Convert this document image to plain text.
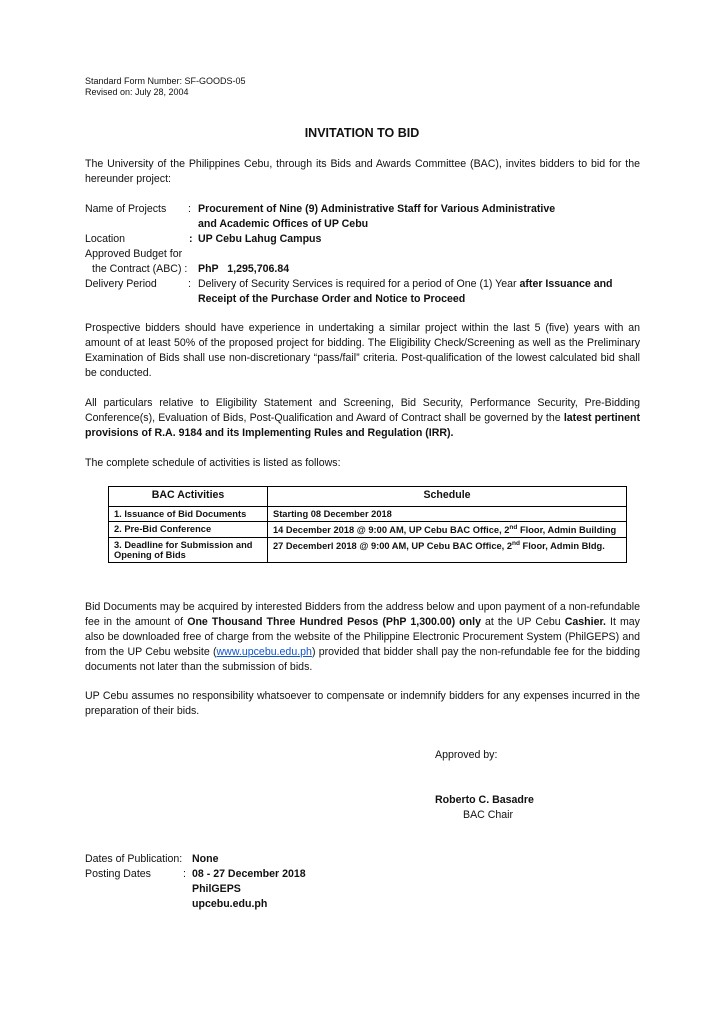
Standard Form Number: SF-GOODS-05
Revised on: July 28, 2004
INVITATION TO BID
The University of the Philippines Cebu, through its Bids and Awards Committee (BAC), invites bidders to bid for the hereunder project:
Name of Projects : Procurement of Nine (9) Administrative Staff for Various Administrative
and Academic Offices of UP Cebu
Location	: UP Cebu Lahug Campus
Approved Budget for
the Contract (ABC) : PhP   1,295,706.84
Delivery Period	: Delivery of Security Services is required for a period of One (1) Year after Issuance and
Receipt of the Purchase Order and Notice to Proceed
Prospective bidders should have experience in undertaking a similar project within the last 5 (five) years with an amount of at least 50% of the proposed project for bidding. The Eligibility Check/Screening as well as the Preliminary Examination of Bids shall use non-discretionary “pass/fail” criteria. Post-qualification of the lowest calculated bid shall be conducted.
All particulars relative to Eligibility Statement and Screening, Bid Security, Performance Security, Pre-Bidding Conference(s), Evaluation of Bids, Post-Qualification and Award of Contract shall be governed by the latest pertinent provisions of R.A. 9184 and its Implementing Rules and Regulation (IRR).
The complete schedule of activities is listed as follows:
BAC Activities	Schedule
1. Issuance of Bid Documents	Starting 08 December 2018
2. Pre-Bid Conference	14 December 2018 @ 9:00 AM, UP Cebu BAC Office, 2nd Floor, Admin Building
3. Deadline for Submission and Opening of Bids	27 Decemberl 2018 @ 9:00 AM, UP Cebu BAC Office, 2nd Floor, Admin Bldg.
Bid Documents may be acquired by interested Bidders from the address below and upon payment of a non-refundable fee in the amount of One Thousand Three Hundred Pesos (PhP 1,300.00) only at the UP Cebu Cashier. It may also be downloaded free of charge from the website of the Philippine Electronic Procurement System (PhilGEPS) and from the UP Cebu website (www.upcebu.edu.ph) provided that bidder shall pay the non-refundable fee for the bidding documents not later than the submission of bids.
UP Cebu assumes no responsibility whatsoever to compensate or indemnify bidders for any expenses incurred in the preparation of their bids.
Approved by:
Roberto C. Basadre
BAC Chair
Dates of Publication: None
Posting Dates	: 08 - 27 December 2018
PhilGEPS
upcebu.edu.ph
